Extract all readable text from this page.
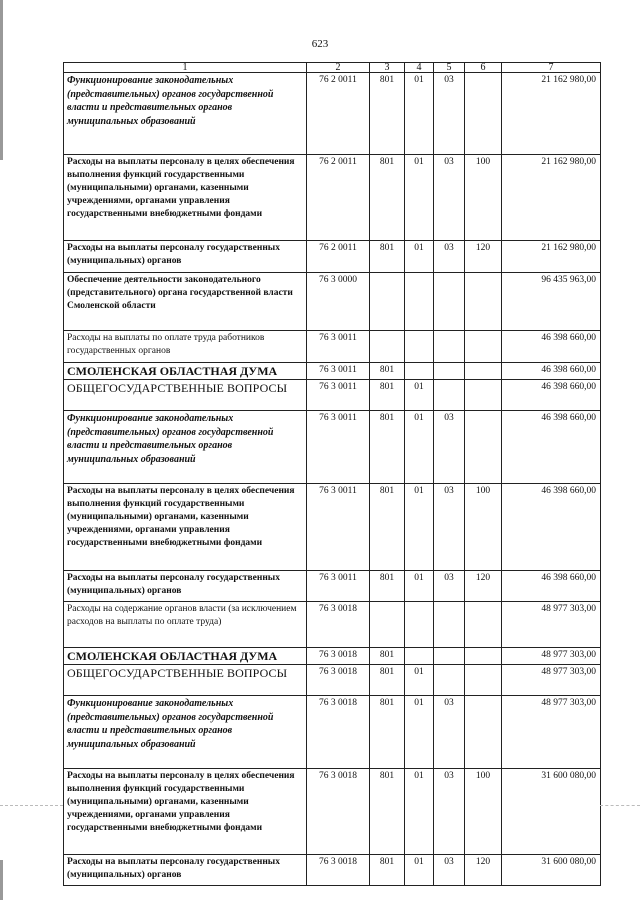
623
1	2	3	4	5	6	7
Функционирование законодательных (представительных) органов государственной власти и представительных органов муниципальных образований	76 2 0011	801	01	03		21 162 980,00
Расходы на выплаты персоналу в целях обеспечения выполнения функций государственными (муниципальными) органами, казенными учреждениями, органами управления государственными внебюджетными фондами	76 2 0011	801	01	03	100	21 162 980,00
Расходы на выплаты персоналу государственных (муниципальных) органов	76 2 0011	801	01	03	120	21 162 980,00
Обеспечение деятельности законодательного (представительного) органа государственной власти Смоленской области	76 3 0000					96 435 963,00
Расходы на выплаты по оплате труда работников государственных органов	76 3 0011					46 398 660,00
СМОЛЕНСКАЯ ОБЛАСТНАЯ ДУМА	76 3 0011	801				46 398 660,00
ОБЩЕГОСУДАРСТВЕННЫЕ ВОПРОСЫ	76 3 0011	801	01			46 398 660,00
Функционирование законодательных (представительных) органов государственной власти и представительных органов муниципальных образований	76 3 0011	801	01	03		46 398 660,00
Расходы на выплаты персоналу в целях обеспечения выполнения функций государственными (муниципальными) органами, казенными учреждениями, органами управления государственными внебюджетными фондами	76 3 0011	801	01	03	100	46 398 660,00
Расходы на выплаты персоналу государственных (муниципальных) органов	76 3 0011	801	01	03	120	46 398 660,00
Расходы на содержание органов власти (за исключением расходов на выплаты по оплате труда)	76 3 0018					48 977 303,00
СМОЛЕНСКАЯ ОБЛАСТНАЯ ДУМА	76 3 0018	801				48 977 303,00
ОБЩЕГОСУДАРСТВЕННЫЕ ВОПРОСЫ	76 3 0018	801	01			48 977 303,00
Функционирование законодательных (представительных) органов государственной власти и представительных органов муниципальных образований	76 3 0018	801	01	03		48 977 303,00
Расходы на выплаты персоналу в целях обеспечения выполнения функций государственными (муниципальными) органами, казенными учреждениями, органами управления государственными внебюджетными фондами	76 3 0018	801	01	03	100	31 600 080,00
Расходы на выплаты персоналу государственных (муниципальных) органов	76 3 0018	801	01	03	120	31 600 080,00
